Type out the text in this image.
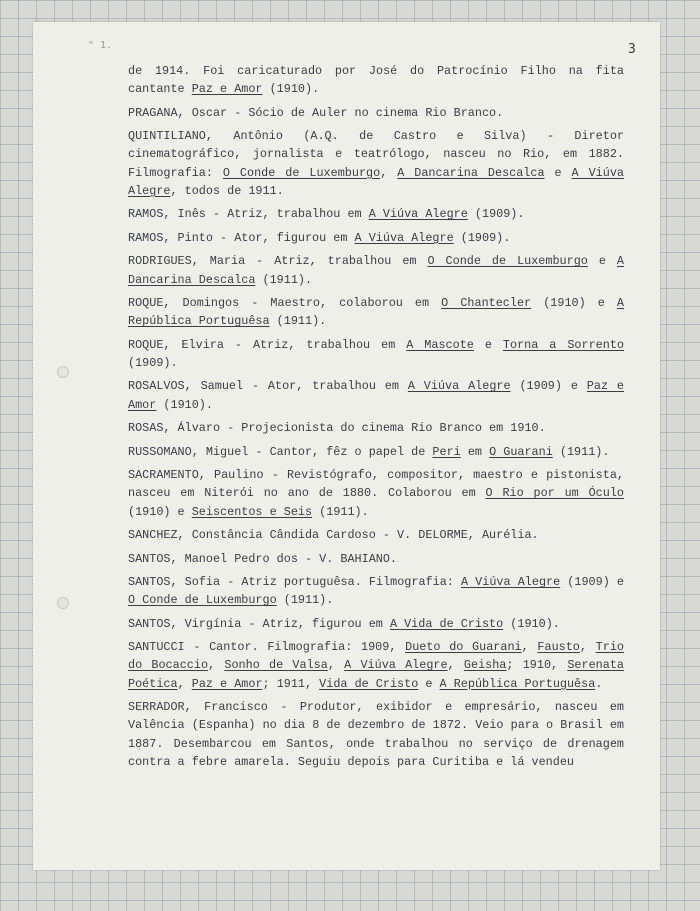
" 1.	3
de 1914. Foi caricaturado por José do Patrocínio Filho na fita cantante Paz e Amor (1910).
PRAGANA, Oscar - Sócio de Auler no cinema Rio Branco.
QUINTILIANO, Antônio (A.Q. de Castro e Silva) - Diretor cinematográfico, jornalista e teatrólogo, nasceu no Rio, em 1882. Filmografia: O Conde de Luxemburgo, A Dancarina Descalca e A Viúva Alegre, todos de 1911.
RAMOS, Inês - Atriz, trabalhou em A Viúva Alegre (1909).
RAMOS, Pinto - Ator, figurou em A Viúva Alegre (1909).
RODRIGUES, Maria - Atriz, trabalhou em O Conde de Luxemburgo e A Dancarina Descalca (1911).
ROQUE, Domingos - Maestro, colaborou em O Chantecler (1910) e A República Portuguêsa (1911).
ROQUE, Elvira - Atriz, trabalhou em A Mascote e Torna a Sorrento (1909).
ROSALVOS, Samuel - Ator, trabalhou em A Viúva Alegre (1909) e Paz e Amor (1910).
ROSAS, Álvaro - Projecionista do cinema Rio Branco em 1910.
RUSSOMANO, Miguel - Cantor, fêz o papel de Peri em O Guarani (1911).
SACRAMENTO, Paulino - Revistógrafo, compositor, maestro e pistonista, nasceu em Niterói no ano de 1880. Colaborou em O Rio por um Óculo (1910) e Seiscentos e Seis (1911).
SANCHEZ, Constância Cândida Cardoso - V. DELORME, Aurélia.
SANTOS, Manoel Pedro dos - V. BAHIANO.
SANTOS, Sofia - Atriz portuguêsa. Filmografia: A Viúva Alegre (1909) e O Conde de Luxemburgo (1911).
SANTOS, Virgínia - Atriz, figurou em A Vida de Cristo (1910).
SANTUCCI - Cantor. Filmografia: 1909, Dueto do Guarani, Fausto, Trio do Bocaccio, Sonho de Valsa, A Viúva Alegre, Geisha; 1910, Serenata Poética, Paz e Amor; 1911, Vida de Cristo e A República Portuguêsa.
SERRADOR, Francisco - Produtor, exibidor e empresário, nasceu em Valência (Espanha) no dia 8 de dezembro de 1872. Veio para o Brasil em 1887. Desembarcou em Santos, onde trabalhou no serviço de drenagem contra a febre amarela. Seguiu depois para Curitiba e lá vendeu
